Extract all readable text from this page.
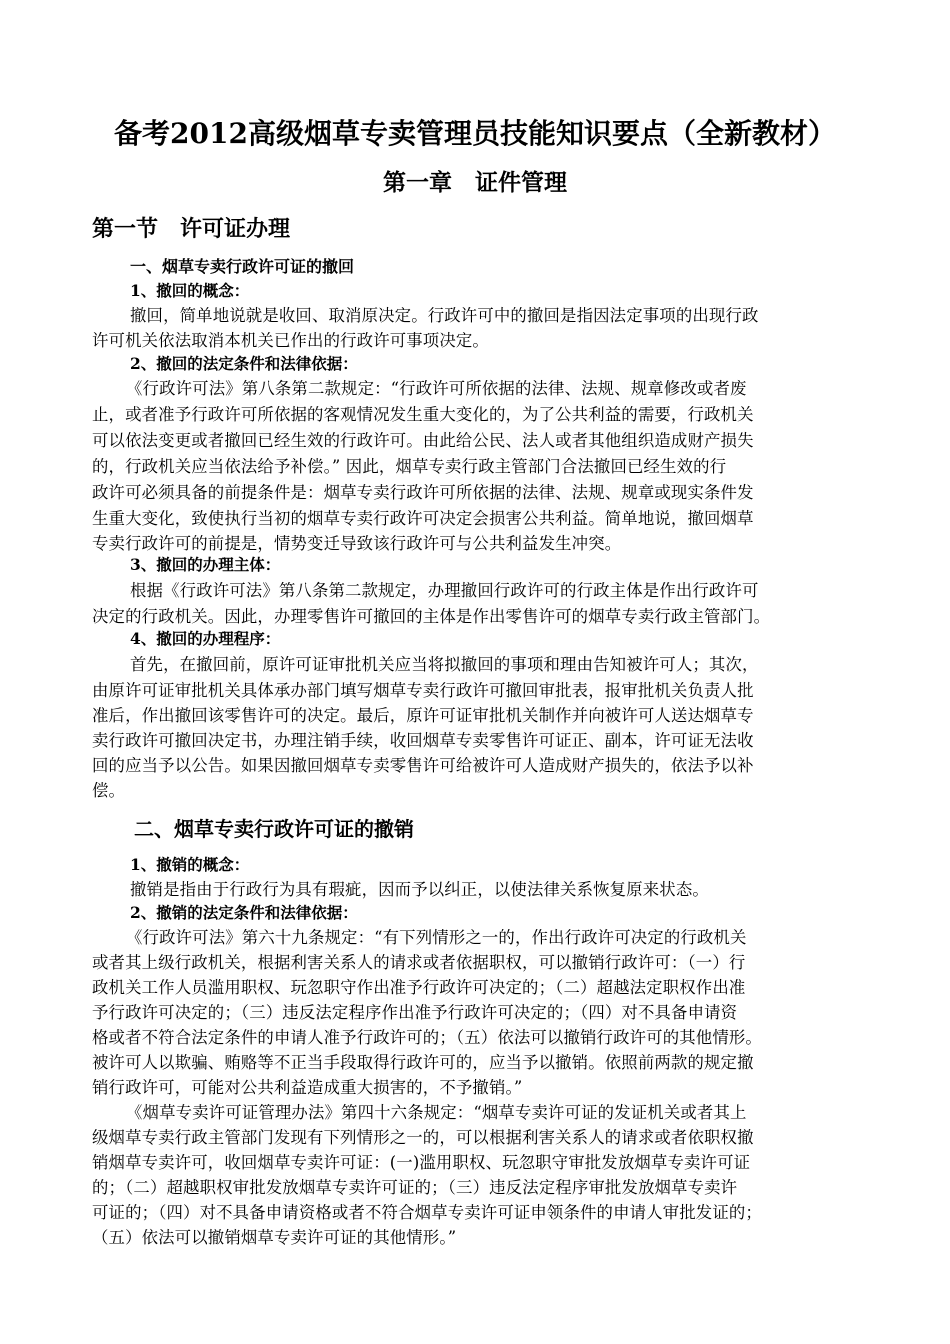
备考2012高级烟草专卖管理员技能知识要点（全新教材）
第一章　证件管理
第一节　许可证办理
一、烟草专卖行政许可证的撤回
1、撤回的概念：
撤回，简单地说就是收回、取消原决定。行政许可中的撤回是指因法定事项的出现行政
许可机关依法取消本机关已作出的行政许可事项决定。
2、撤回的法定条件和法律依据：
《行政许可法》第八条第二款规定：“行政许可所依据的法律、法规、规章修改或者废
止，或者准予行政许可所依据的客观情况发生重大变化的，为了公共利益的需要，行政机关
可以依法变更或者撤回已经生效的行政许可。由此给公民、法人或者其他组织造成财产损失
的，行政机关应当依法给予补偿。” 因此，烟草专卖行政主管部门合法撤回已经生效的行
政许可必须具备的前提条件是：烟草专卖行政许可所依据的法律、法规、规章或现实条件发
生重大变化，致使执行当初的烟草专卖行政许可决定会损害公共利益。简单地说，撤回烟草
专卖行政许可的前提是，情势变迁导致该行政许可与公共利益发生冲突。
3、撤回的办理主体：
根据《行政许可法》第八条第二款规定，办理撤回行政许可的行政主体是作出行政许可
决定的行政机关。因此，办理零售许可撤回的主体是作出零售许可的烟草专卖行政主管部门。
4、撤回的办理程序：
首先，在撤回前，原许可证审批机关应当将拟撤回的事项和理由告知被许可人；其次，
由原许可证审批机关具体承办部门填写烟草专卖行政许可撤回审批表，报审批机关负责人批
准后，作出撤回该零售许可的决定。最后，原许可证审批机关制作并向被许可人送达烟草专
卖行政许可撤回决定书，办理注销手续，收回烟草专卖零售许可证正、副本，许可证无法收
回的应当予以公告。如果因撤回烟草专卖零售许可给被许可人造成财产损失的，依法予以补
偿。
二、烟草专卖行政许可证的撤销
1、撤销的概念：
撤销是指由于行政行为具有瑕疵，因而予以纠正，以使法律关系恢复原来状态。
2、撤销的法定条件和法律依据：
《行政许可法》第六十九条规定：“有下列情形之一的，作出行政许可决定的行政机关
或者其上级行政机关，根据利害关系人的请求或者依据职权，可以撤销行政许可：（一）行
政机关工作人员滥用职权、玩忽职守作出准予行政许可决定的；（二）超越法定职权作出准
予行政许可决定的；（三）违反法定程序作出准予行政许可决定的；（四）对不具备申请资
格或者不符合法定条件的申请人准予行政许可的；（五）依法可以撤销行政许可的其他情形。
被许可人以欺骗、贿赂等不正当手段取得行政许可的，应当予以撤销。依照前两款的规定撤
销行政许可，可能对公共利益造成重大损害的，不予撤销。”
《烟草专卖许可证管理办法》第四十六条规定：“烟草专卖许可证的发证机关或者其上
级烟草专卖行政主管部门发现有下列情形之一的，可以根据利害关系人的请求或者依职权撤
销烟草专卖许可，收回烟草专卖许可证：(一)滥用职权、玩忽职守审批发放烟草专卖许可证
的；（二）超越职权审批发放烟草专卖许可证的；（三）违反法定程序审批发放烟草专卖许
可证的；（四）对不具备申请资格或者不符合烟草专卖许可证申领条件的申请人审批发证的；
（五）依法可以撤销烟草专卖许可证的其他情形。”
